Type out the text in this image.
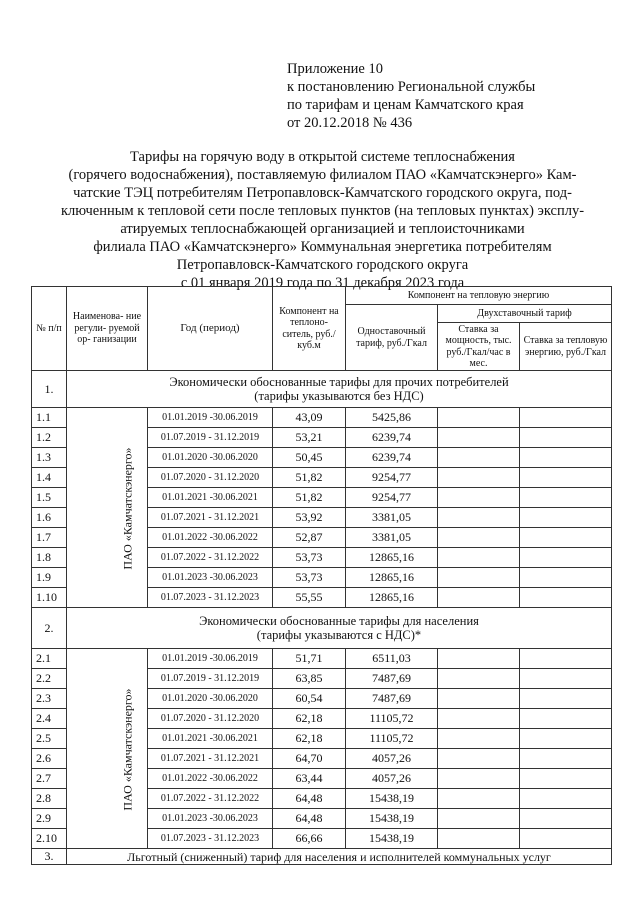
Приложение 10
к постановлению Региональной службы
по тарифам и ценам Камчатского края
от 20.12.2018 № 436
Тарифы на горячую воду в открытой системе теплоснабжения
(горячего водоснабжения), поставляемую филиалом ПАО «Камчатскэнерго» Кам-
чатские ТЭЦ потребителям Петропавловск-Камчатского городского округа, под-
ключенным к тепловой сети после тепловых пунктов (на тепловых пунктах) эксплу-
атируемых теплоснабжающей организацией и теплоисточниками
филиала ПАО «Камчатскэнерго» Коммунальная энергетика потребителям
Петропавловск-Камчатского городского округа
с 01 января 2019 года по 31 декабря 2023 года
№ п/п	Наименова- ние регули- руемой ор- ганизации	Год (период)	Компонент на теплоно- ситель, руб./куб.м	Компонент на тепловую энергию		
				Одноставочный тариф, руб./Гкал	Двухставочный тариф	
					Ставка за мощность, тыс. руб./Гкал/час в мес.	Ставка за тепловую энергию, руб./Гкал
1.	Экономически обоснованные тарифы для прочих потребителей
(тарифы указываются без НДС)					

1.1	ПАО «Камчатскэнерго»	01.01.2019 -30.06.2019	43,09	5425,86		
1.2		01.07.2019 - 31.12.2019	53,21	6239,74		
1.3		01.01.2020 -30.06.2020	50,45	6239,74		
1.4		01.07.2020 - 31.12.2020	51,82	9254,77		
1.5		01.01.2021 -30.06.2021	51,82	9254,77		
1.6		01.07.2021 - 31.12.2021	53,92	3381,05		
1.7		01.01.2022 -30.06.2022	52,87	3381,05		
1.8		01.07.2022 - 31.12.2022	53,73	12865,16		
1.9		01.01.2023 -30.06.2023	53,73	12865,16		
1.10		01.07.2023 - 31.12.2023	55,55	12865,16		
2.	Экономически обоснованные тарифы для населения
(тарифы указываются с НДС)*					

2.1	ПАО «Камчатскэнерго»	01.01.2019 -30.06.2019	51,71	6511,03		
2.2		01.07.2019 - 31.12.2019	63,85	7487,69		
2.3		01.01.2020 -30.06.2020	60,54	7487,69		
2.4		01.07.2020 - 31.12.2020	62,18	11105,72		
2.5		01.01.2021 -30.06.2021	62,18	11105,72		
2.6		01.07.2021 - 31.12.2021	64,70	4057,26		
2.7		01.01.2022 -30.06.2022	63,44	4057,26		
2.8		01.07.2022 - 31.12.2022	64,48	15438,19		
2.9		01.01.2023 -30.06.2023	64,48	15438,19		
2.10		01.07.2023 - 31.12.2023	66,66	15438,19		
3.	Льготный (сниженный) тариф для населения и исполнителей коммунальных услуг					
